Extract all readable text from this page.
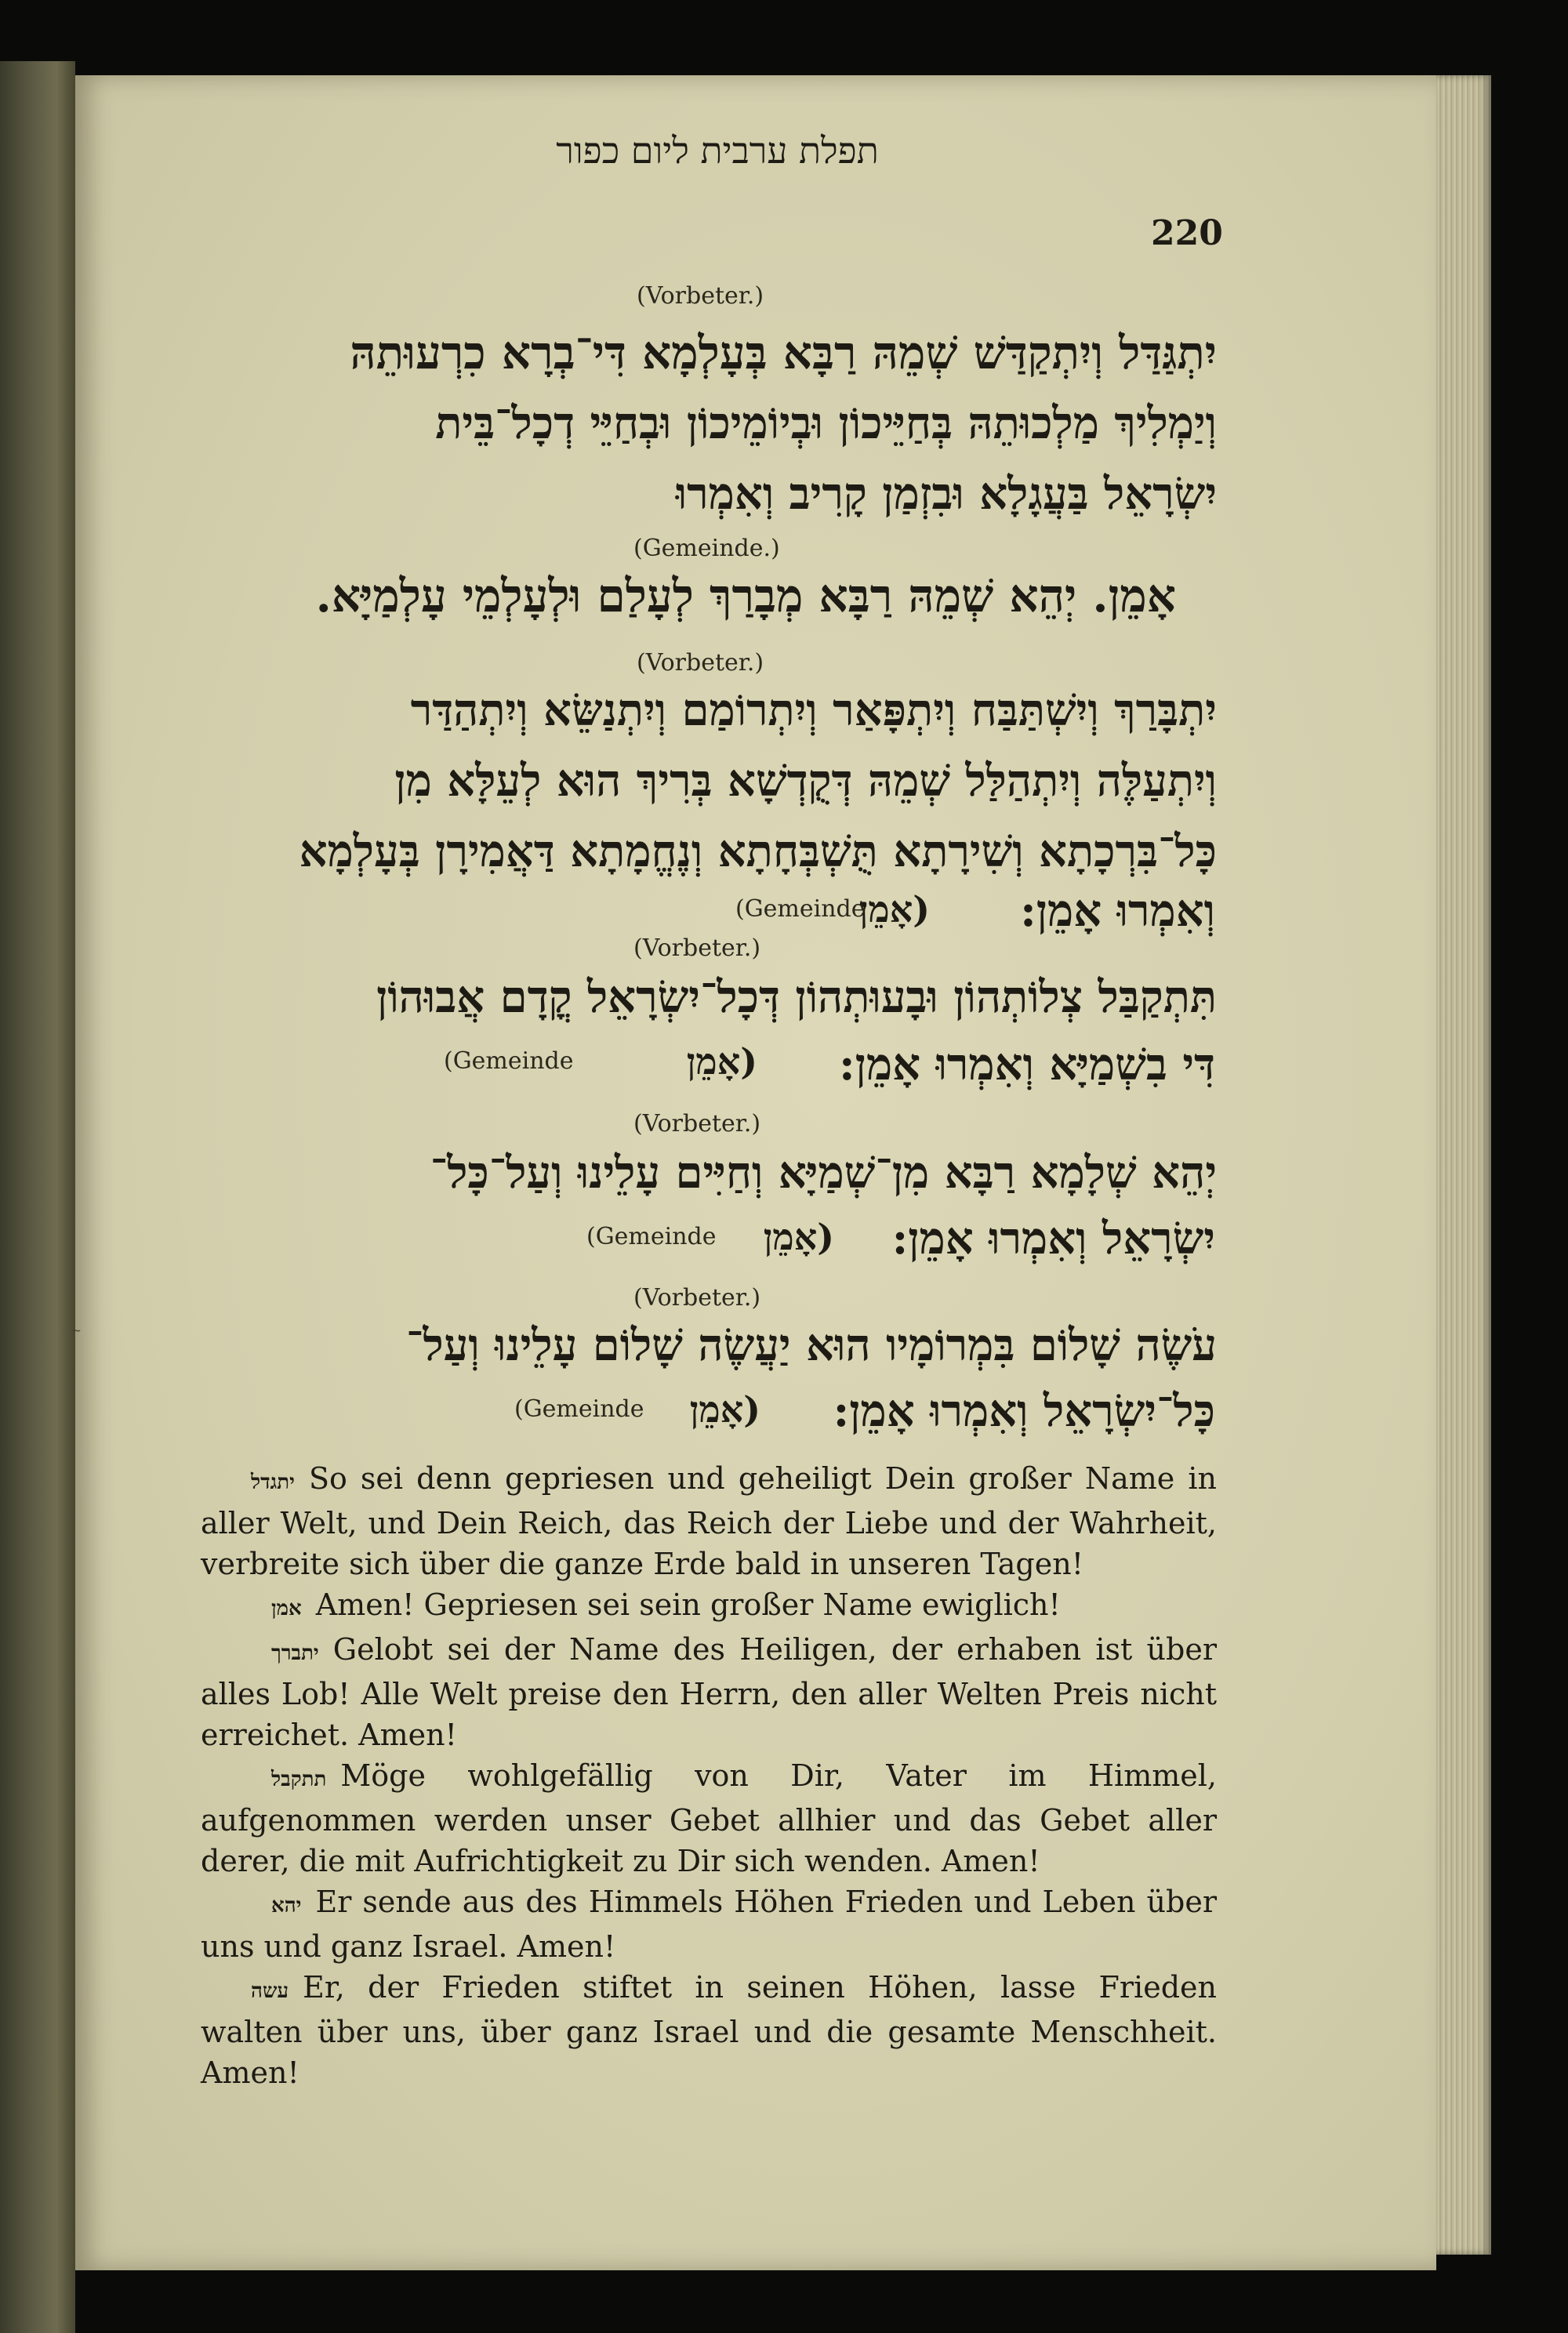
תפלת ערבית ליום כפור
220
(Vorbeter.)
יִתְגַּדַּל וְיִתְקַדַּשׁ שְׁמֵהּ רַבָּא בְּעָלְמָא דִּי־בְרָא כִרְעוּתֵהּ
וְיַמְלִיךְ מַלְכוּתֵהּ בְּחַיֵּיכוֹן וּבְיוֹמֵיכוֹן וּבְחַיֵּי דְכָל־בֵּית
יִשְׂרָאֵל בַּעֲגָלָא וּבִזְמַן קָרִיב וְאִמְרוּ
(Gemeinde.)
אָמֵן. יְהֵא שְׁמֵהּ רַבָּא מְבָרַךְ לְעָלַם וּלְעָלְמֵי עָלְמַיָּא.
(Vorbeter.)
יִתְבָּרַךְ וְיִשְׁתַּבַּח וְיִתְפָּאַר וְיִתְרוֹמַם וְיִתְנַשֵּׂא וְיִתְהַדַּר
וְיִתְעַלֶּה וְיִתְהַלַּל שְׁמֵהּ דְּקֻדְשָׁא בְּרִיךְ הוּא לְעֵלָּא מִן
כָּל־בִּרְכָתָא וְשִׁירָתָא תֻּשְׁבְּחָתָא וְנֶחֱמָתָא דַּאֲמִירָן בְּעָלְמָא
וְאִמְרוּ אָמֵן:
(אָמֵן
(Gemeinde
(Vorbeter.)
תִּתְקַבַּל צְלוֹתְהוֹן וּבָעוּתְהוֹן דְּכָל־יִשְׂרָאֵל קֳדָם אֲבוּהוֹן
דִּי בִשְׁמַיָּא וְאִמְרוּ אָמֵן:
(אָמֵן
(Gemeinde
(Vorbeter.)
יְהֵא שְׁלָמָא רַבָּא מִן־שְׁמַיָּא וְחַיִּים עָלֵינוּ וְעַל־כָּל־
יִשְׂרָאֵל וְאִמְרוּ אָמֵן:
(אָמֵן
(Gemeinde
(Vorbeter.)
~	עֹשֶׂה שָׁלוֹם בִּמְרוֹמָיו הוּא יַעֲשֶׂה שָׁלוֹם עָלֵינוּ וְעַל־
כָּל־יִשְׂרָאֵל וְאִמְרוּ אָמֵן:
(אָמֵן
(Gemeinde

יתגדל So sei denn gepriesen und geheiligt Dein großer Name in aller Welt, und Dein Reich, das Reich der Liebe und der Wahrheit, verbreite sich über die ganze Erde bald in unseren Tagen!

אמן Amen! Gepriesen sei sein großer Name ewiglich!

יתברך Gelobt sei der Name des Heiligen, der erhaben ist über alles Lob! Alle Welt preise den Herrn, den aller Welten Preis nicht erreichet. Amen!

תתקבל Möge wohlgefällig von Dir, Vater im Himmel, aufgenommen werden unser Gebet allhier und das Gebet aller derer, die mit Aufrichtigkeit zu Dir sich wenden. Amen!

יהא Er sende aus des Himmels Höhen Frieden und Leben über uns und ganz Israel. Amen!

עשה Er, der Frieden stiftet in seinen Höhen, lasse Frieden walten über uns, über ganz Israel und die gesamte Menschheit. Amen!
